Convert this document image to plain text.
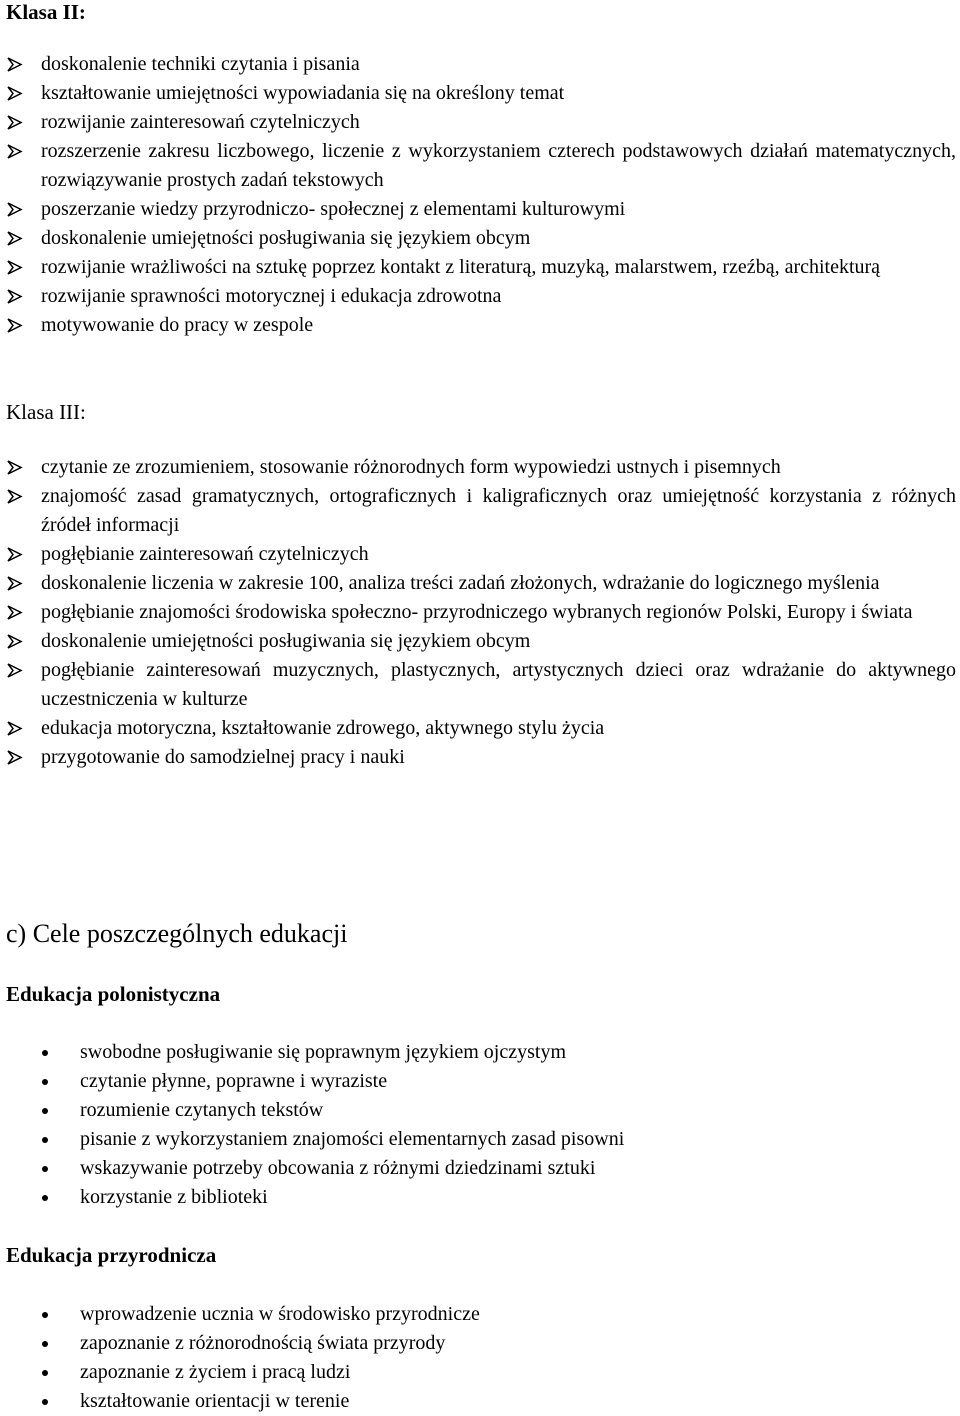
Klasa II:
doskonalenie techniki czytania i pisania
kształtowanie umiejętności wypowiadania się na określony temat
rozwijanie zainteresowań czytelniczych
rozszerzenie zakresu liczbowego, liczenie z wykorzystaniem czterech podstawowych działań matematycznych, rozwiązywanie prostych zadań tekstowych
poszerzanie wiedzy przyrodniczo- społecznej z elementami kulturowymi
doskonalenie umiejętności posługiwania się językiem obcym
rozwijanie wrażliwości na sztukę poprzez kontakt z literaturą, muzyką, malarstwem, rzeźbą, architekturą
rozwijanie sprawności motorycznej i edukacja zdrowotna
motywowanie do pracy w zespole
Klasa III:
czytanie ze zrozumieniem, stosowanie różnorodnych form wypowiedzi ustnych i pisemnych
znajomość zasad gramatycznych, ortograficznych i kaligraficznych oraz umiejętność korzystania z różnych źródeł informacji
pogłębianie zainteresowań czytelniczych
doskonalenie liczenia w zakresie 100, analiza treści zadań złożonych, wdrażanie do logicznego myślenia
pogłębianie znajomości środowiska społeczno- przyrodniczego wybranych regionów Polski, Europy i świata
doskonalenie umiejętności posługiwania się językiem obcym
pogłębianie zainteresowań muzycznych, plastycznych, artystycznych dzieci oraz wdrażanie do aktywnego uczestniczenia w kulturze
edukacja motoryczna, kształtowanie zdrowego, aktywnego stylu życia
przygotowanie do samodzielnej pracy i nauki
c) Cele poszczególnych edukacji
Edukacja polonistyczna
swobodne posługiwanie się poprawnym językiem ojczystym
czytanie płynne, poprawne i wyraziste
rozumienie czytanych tekstów
pisanie z wykorzystaniem znajomości elementarnych zasad pisowni
wskazywanie potrzeby obcowania z różnymi dziedzinami sztuki
korzystanie z biblioteki
Edukacja przyrodnicza
wprowadzenie ucznia w środowisko przyrodnicze
zapoznanie z różnorodnością świata przyrody
zapoznanie z życiem i pracą ludzi
kształtowanie orientacji w terenie
